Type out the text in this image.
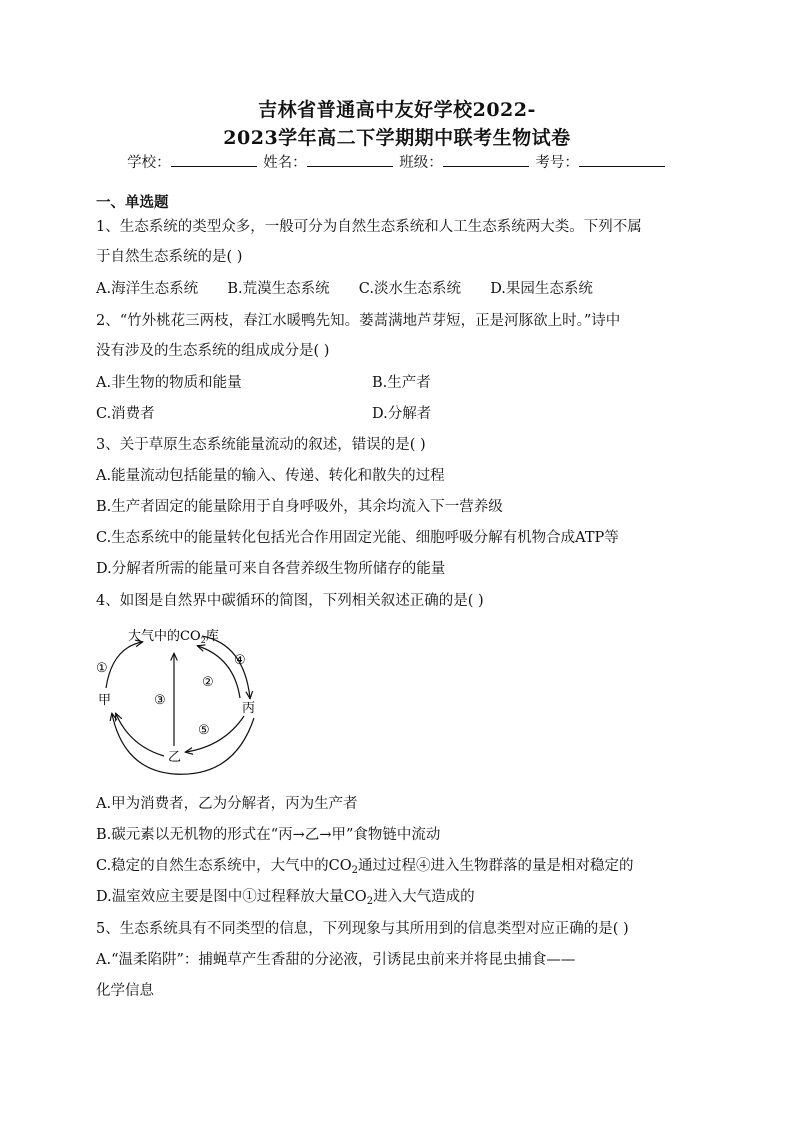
吉林省普通高中友好学校2022-
2023学年高二下学期期中联考生物试卷
学校：	姓名：	班级：	考号：
一、单选题
1、生态系统的类型众多，一般可分为自然生态系统和人工生态系统两大类。下列不属
于自然生态系统的是( )
A.海洋生态系统 B.荒漠生态系统 C.淡水生态系统 D.果园生态系统
2、“竹外桃花三两枝，春江水暖鸭先知。蒌蒿满地芦芽短，正是河豚欲上时。”诗中
没有涉及的生态系统的组成成分是( )
A.非生物的物质和能量	B.生产者
C.消费者	D.分解者
3、关于草原生态系统能量流动的叙述，错误的是( )
A.能量流动包括能量的输入、传递、转化和散失的过程
B.生产者固定的能量除用于自身呼吸外，其余均流入下一营养级
C.生态系统中的能量转化包括光合作用固定光能、细胞呼吸分解有机物合成ATP等
D.分解者所需的能量可来自各营养级生物所储存的能量
4、如图是自然界中碳循环的简图，下列相关叙述正确的是( )
大气中的$CO_2$库
甲
丙
乙
①
③
②
④
⑤
A.甲为消费者，乙为分解者，丙为生产者
B.碳元素以无机物的形式在“丙→乙→甲”食物链中流动
C.稳定的自然生态系统中，大气中的$CO_2$通过过程④进入生物群落的量是相对稳定的
D.温室效应主要是图中①过程释放大量$CO_2$进入大气造成的
5、生态系统具有不同类型的信息，下列现象与其所用到的信息类型对应正确的是( )
A.“温柔陷阱”：捕蝇草产生香甜的分泌液，引诱昆虫前来并将昆虫捕食——
化学信息
